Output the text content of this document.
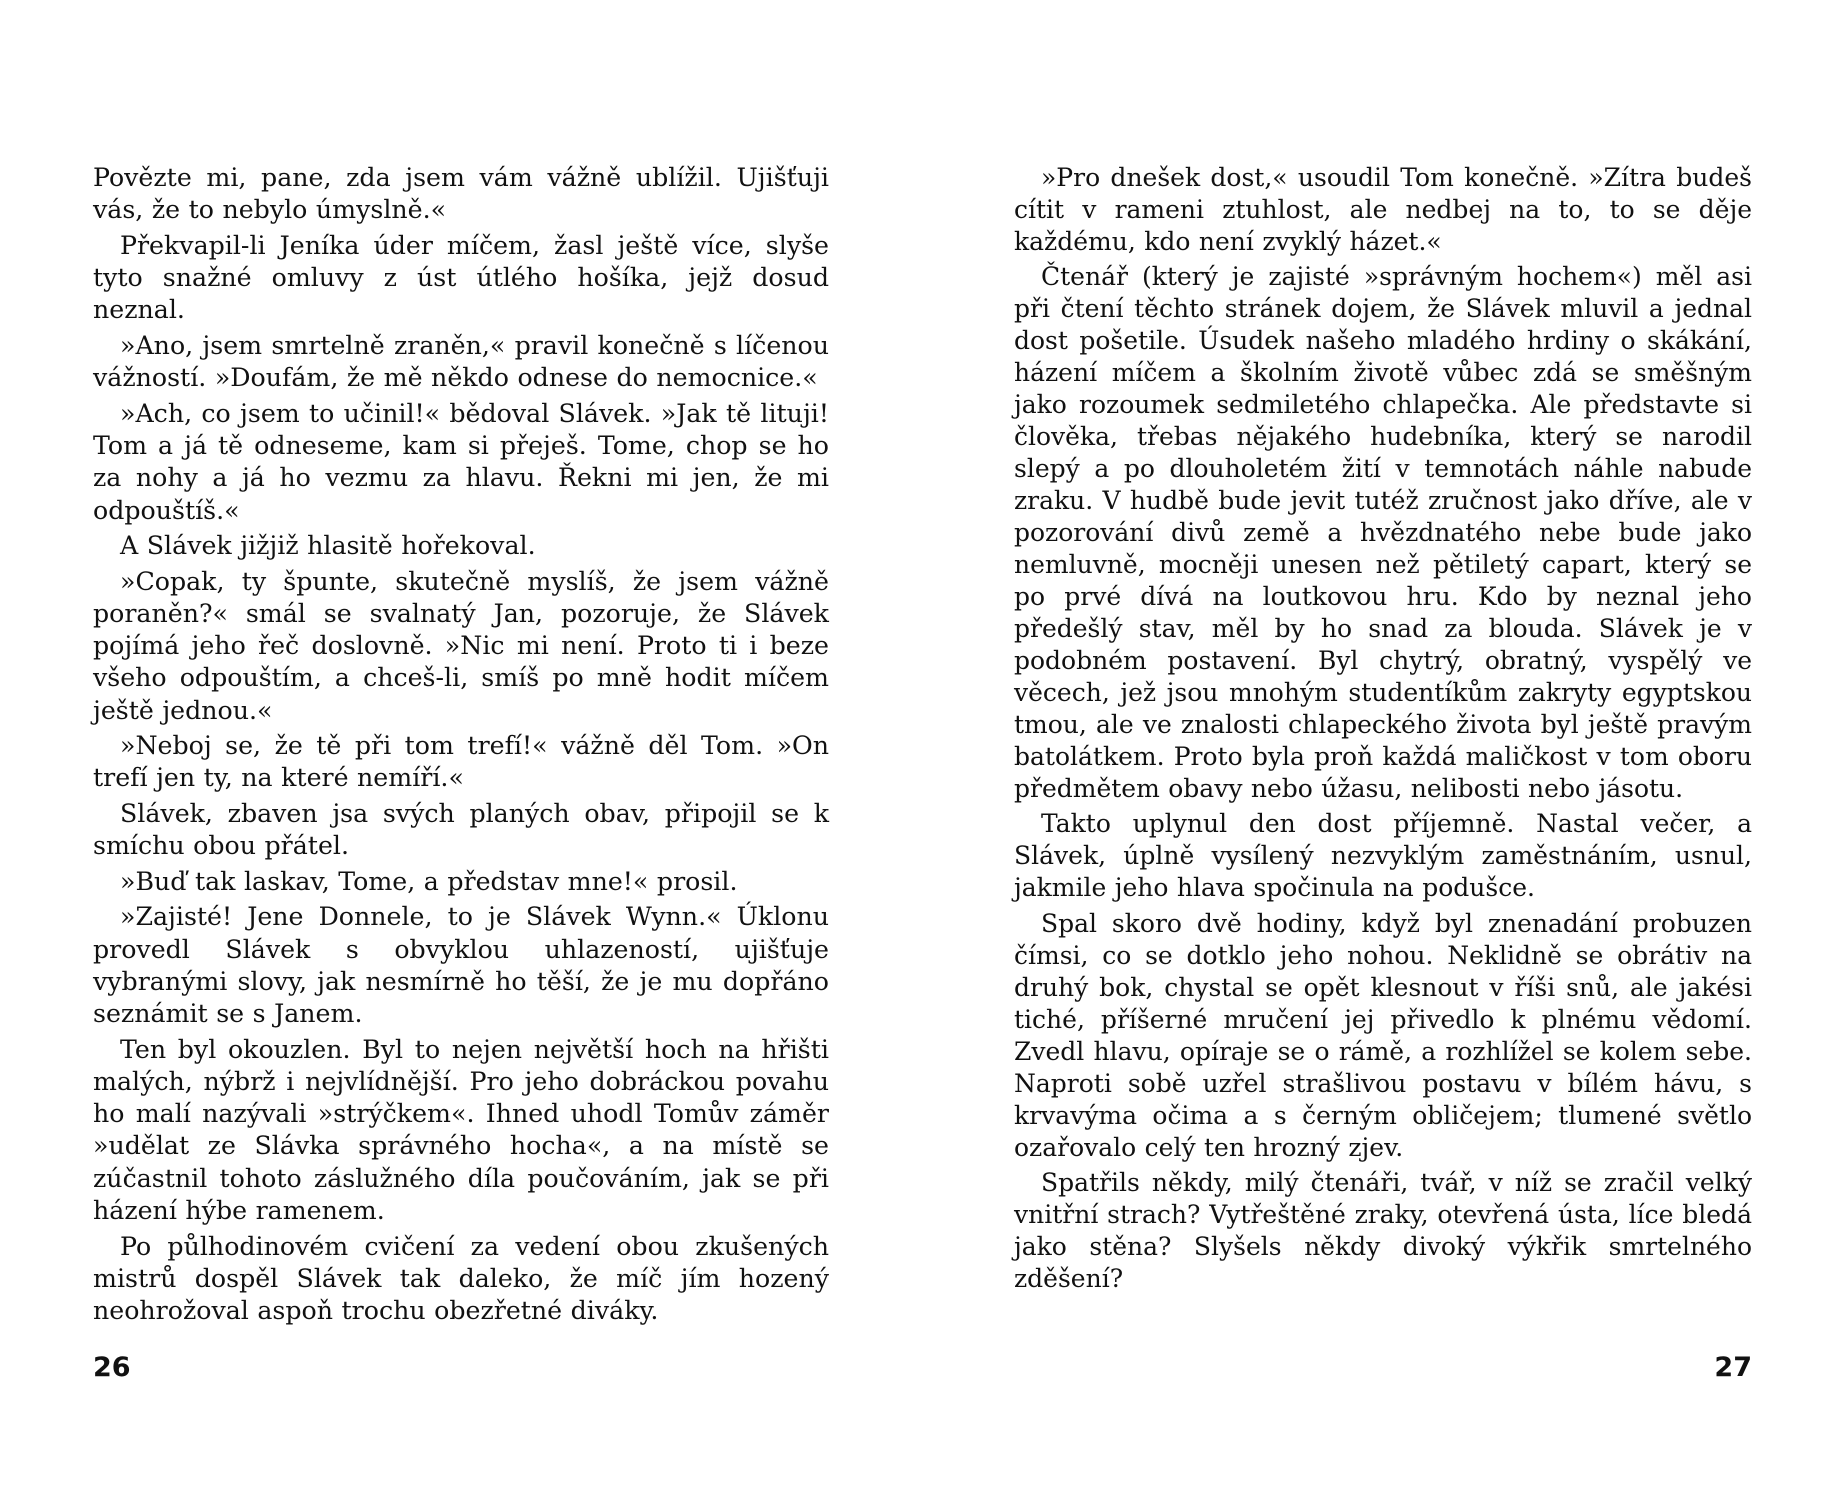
Povězte mi, pane, zda jsem vám vážně ublížil. Ujišťuji vás, že to nebylo úmyslně.«

Překvapil-li Jeníka úder míčem, žasl ještě více, slyše tyto snažné omluvy z úst útlého hošíka, jejž dosud neznal.

»Ano, jsem smrtelně zraněn,« pravil konečně s líčenou vážností. »Doufám, že mě někdo odnese do nemocnice.«

»Ach, co jsem to učinil!« bědoval Slávek. »Jak tě lituji! Tom a já tě odneseme, kam si přeješ. Tome, chop se ho za nohy a já ho vezmu za hlavu. Řekni mi jen, že mi odpouštíš.«

A Slávek jižjiž hlasitě hořekoval.

»Copak, ty špunte, skutečně myslíš, že jsem vážně poraněn?« smál se svalnatý Jan, pozoruje, že Slávek pojímá jeho řeč doslovně. »Nic mi není. Proto ti i beze všeho odpouštím, a chceš-li, smíš po mně hodit míčem ještě jednou.«

»Neboj se, že tě při tom trefí!« vážně děl Tom. »On trefí jen ty, na které nemíří.«

Slávek, zbaven jsa svých planých obav, připojil se k smíchu obou přátel.

»Buď tak laskav, Tome, a představ mne!« prosil.

»Zajisté! Jene Donnele, to je Slávek Wynn.« Úklonu provedl Slávek s obvyklou uhlazeností, ujišťuje vybranými slovy, jak nesmírně ho těší, že je mu dopřáno seznámit se s Janem.

Ten byl okouzlen. Byl to nejen největší hoch na hřišti malých, nýbrž i nejvlídnější. Pro jeho dobráckou povahu ho malí nazývali »strýčkem«. Ihned uhodl Tomův záměr »udělat ze Slávka správného hocha«, a na místě se zúčastnil tohoto záslužného díla poučováním, jak se při házení hýbe ramenem.

Po půlhodinovém cvičení za vedení obou zkušených mistrů dospěl Slávek tak daleko, že míč jím hozený neohrožoval aspoň trochu obezřetné diváky.

26

»Pro dnešek dost,« usoudil Tom konečně. »Zítra budeš cítit v rameni ztuhlost, ale nedbej na to, to se děje každému, kdo není zvyklý házet.«

Čtenář (který je zajisté »správným hochem«) měl asi při čtení těchto stránek dojem, že Slávek mluvil a jednal dost pošetile. Úsudek našeho mladého hrdiny o skákání, házení míčem a školním životě vůbec zdá se směšným jako rozoumek sedmiletého chlapečka. Ale představte si člověka, třebas nějakého hudebníka, který se narodil slepý a po dlouholetém žití v temnotách náhle nabude zraku. V hudbě bude jevit tutéž zručnost jako dříve, ale v pozorování divů země a hvězdnatého nebe bude jako nemluvně, mocněji unesen než pětiletý capart, který se po prvé dívá na loutkovou hru. Kdo by neznal jeho předešlý stav, měl by ho snad za blouda. Slávek je v podobném postavení. Byl chytrý, obratný, vyspělý ve věcech, jež jsou mnohým studentíkům zakryty egyptskou tmou, ale ve znalosti chlapeckého života byl ještě pravým batolátkem. Proto byla proň každá maličkost v tom oboru předmětem obavy nebo úžasu, nelibosti nebo jásotu.

Takto uplynul den dost příjemně. Nastal večer, a Slávek, úplně vysílený nezvyklým zaměstnáním, usnul, jakmile jeho hlava spočinula na podušce.

Spal skoro dvě hodiny, když byl znenadání probuzen čímsi, co se dotklo jeho nohou. Neklidně se obrátiv na druhý bok, chystal se opět klesnout v říši snů, ale jakési tiché, příšerné mručení jej přivedlo k plnému vědomí. Zvedl hlavu, opíraje se o rámě, a rozhlížel se kolem sebe. Naproti sobě uzřel strašlivou postavu v bílém hávu, s krvavýma očima a s černým obličejem; tlumené světlo ozařovalo celý ten hrozný zjev.

Spatřils někdy, milý čtenáři, tvář, v níž se zračil velký vnitřní strach? Vytřeštěné zraky, otevřená ústa, líce bledá jako stěna? Slyšels někdy divoký výkřik smrtelného zděšení?

27
